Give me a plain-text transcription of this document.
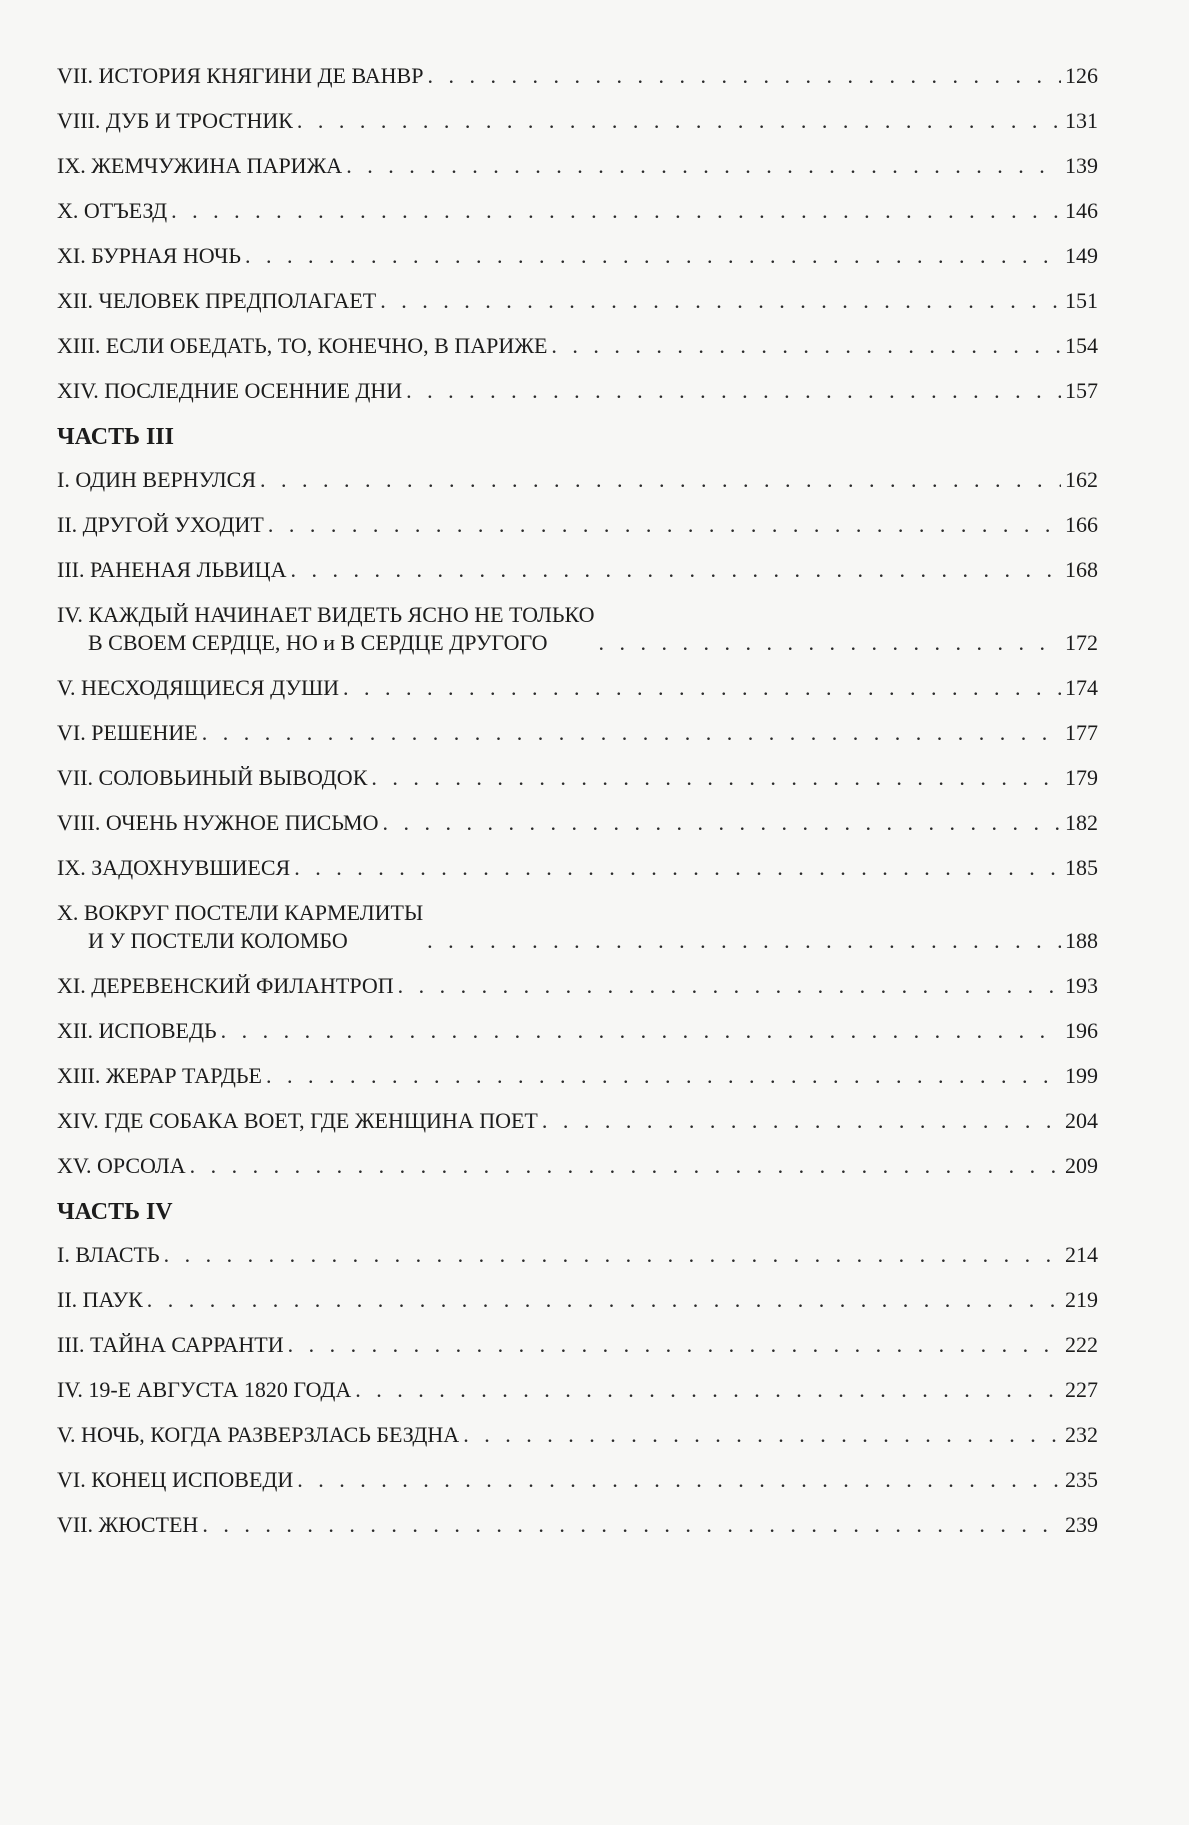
VII. ИСТОРИЯ КНЯГИНИ ДЕ ВАНВР . . .	126
VIII. ДУБ И ТРОСТНИК . . .	131
IX. ЖЕМЧУЖИНА ПАРИЖА . . .	139
X. ОТЪЕЗД . . .	146
XI. БУРНАЯ НОЧЬ . . .	149
XII. ЧЕЛОВЕК ПРЕДПОЛАГАЕТ . . .	151
XIII. ЕСЛИ ОБЕДАТЬ, ТО, КОНЕЧНО, В ПАРИЖЕ . . .	154
XIV. ПОСЛЕДНИЕ ОСЕННИЕ ДНИ . . .	157
ЧАСТЬ III
I. ОДИН ВЕРНУЛСЯ . . .	162
II. ДРУГОЙ УХОДИТ . . .	166
III. РАНЕНАЯ ЛЬВИЦА . . .	168
IV. КАЖДЫЙ НАЧИНАЕТ ВИДЕТЬ ЯСНО НЕ ТОЛЬКО
В СВОЕМ СЕРДЦЕ, НО и В СЕРДЦЕ ДРУГОГО . . .	172
V. НЕСХОДЯЩИЕСЯ ДУШИ . . .	174
VI. РЕШЕНИЕ . . .	177
VII. СОЛОВЬИНЫЙ ВЫВОДОК . . .	179
VIII. ОЧЕНЬ НУЖНОЕ ПИСЬМО . . .	182
IX. ЗАДОХНУВШИЕСЯ . . .	185
X. ВОКРУГ ПОСТЕЛИ КАРМЕЛИТЫ
И У ПОСТЕЛИ КОЛОМБО . . .	188
XI. ДЕРЕВЕНСКИЙ ФИЛАНТРОП . . .	193
XII. ИСПОВЕДЬ . . .	196
XIII. ЖЕРАР ТАРДЬЕ . . .	199
XIV. ГДЕ СОБАКА ВОЕТ, ГДЕ ЖЕНЩИНА ПОЕТ . . .	204
XV. ОРСОЛА . . .	209
ЧАСТЬ IV
I. ВЛАСТЬ . . .	214
II. ПАУК . . .	219
III. ТАЙНА САРРАНТИ . . .	222
IV. 19-Е АВГУСТА 1820 ГОДА . . .	227
V. НОЧЬ, КОГДА РАЗВЕРЗЛАСЬ БЕЗДНА . . .	232
VI. КОНЕЦ ИСПОВЕДИ . . .	235
VII. ЖЮСТЕН . . .	239
